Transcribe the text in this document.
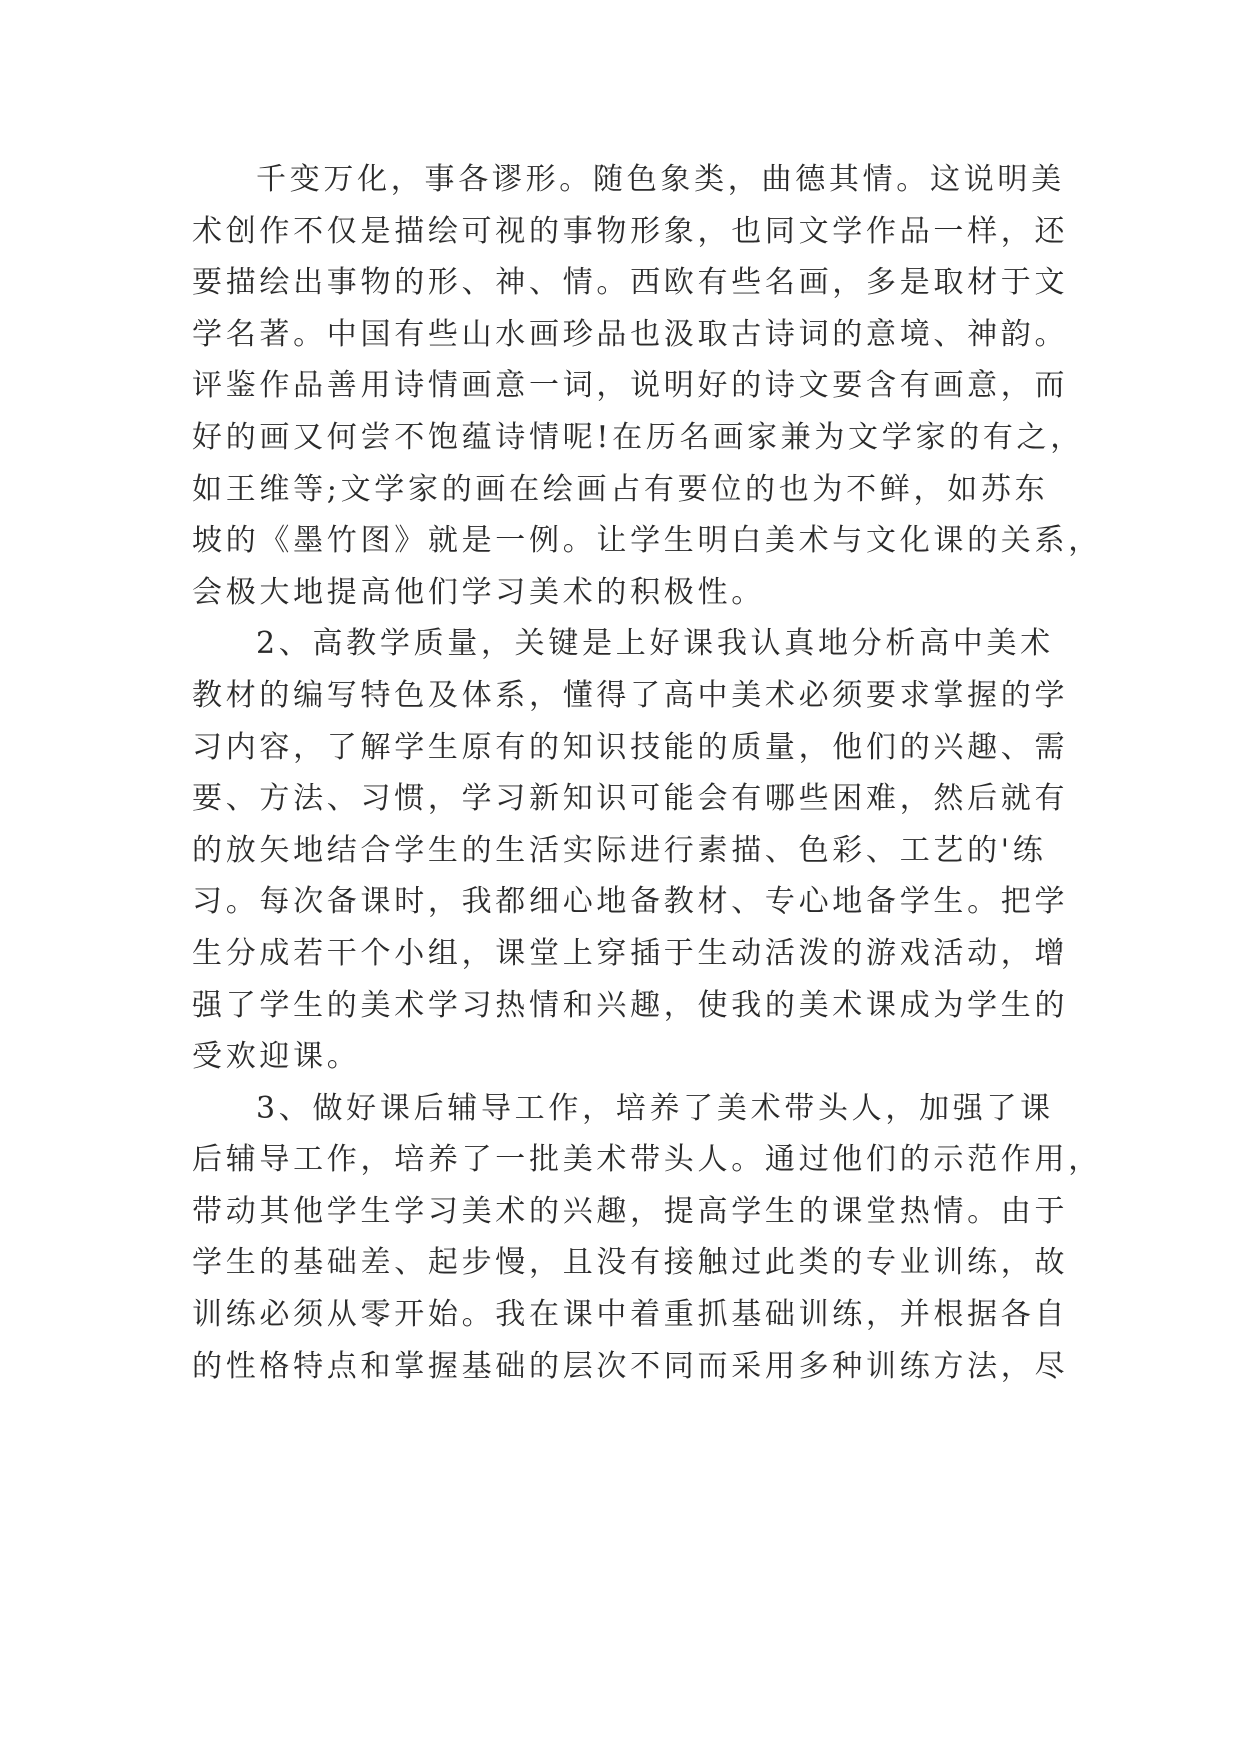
千变万化，事各谬形。随色象类，曲德其情。这说明美
术创作不仅是描绘可视的事物形象，也同文学作品一样，还
要描绘出事物的形、神、情。西欧有些名画，多是取材于文
学名著。中国有些山水画珍品也汲取古诗词的意境、神韵。
评鉴作品善用诗情画意一词，说明好的诗文要含有画意，而
好的画又何尝不饱蕴诗情呢!在历名画家兼为文学家的有之，
如王维等;文学家的画在绘画占有要位的也为不鲜，如苏东
坡的《墨竹图》就是一例。让学生明白美术与文化课的关系，
会极大地提高他们学习美术的积极性。
2、高教学质量，关键是上好课我认真地分析高中美术
教材的编写特色及体系，懂得了高中美术必须要求掌握的学
习内容，了解学生原有的知识技能的质量，他们的兴趣、需
要、方法、习惯，学习新知识可能会有哪些困难，然后就有
的放矢地结合学生的生活实际进行素描、色彩、工艺的'练
习。每次备课时，我都细心地备教材、专心地备学生。把学
生分成若干个小组，课堂上穿插于生动活泼的游戏活动，增
强了学生的美术学习热情和兴趣，使我的美术课成为学生的
受欢迎课。
3、做好课后辅导工作，培养了美术带头人，加强了课
后辅导工作，培养了一批美术带头人。通过他们的示范作用，
带动其他学生学习美术的兴趣，提高学生的课堂热情。由于
学生的基础差、起步慢，且没有接触过此类的专业训练，故
训练必须从零开始。我在课中着重抓基础训练，并根据各自
的性格特点和掌握基础的层次不同而采用多种训练方法，尽
